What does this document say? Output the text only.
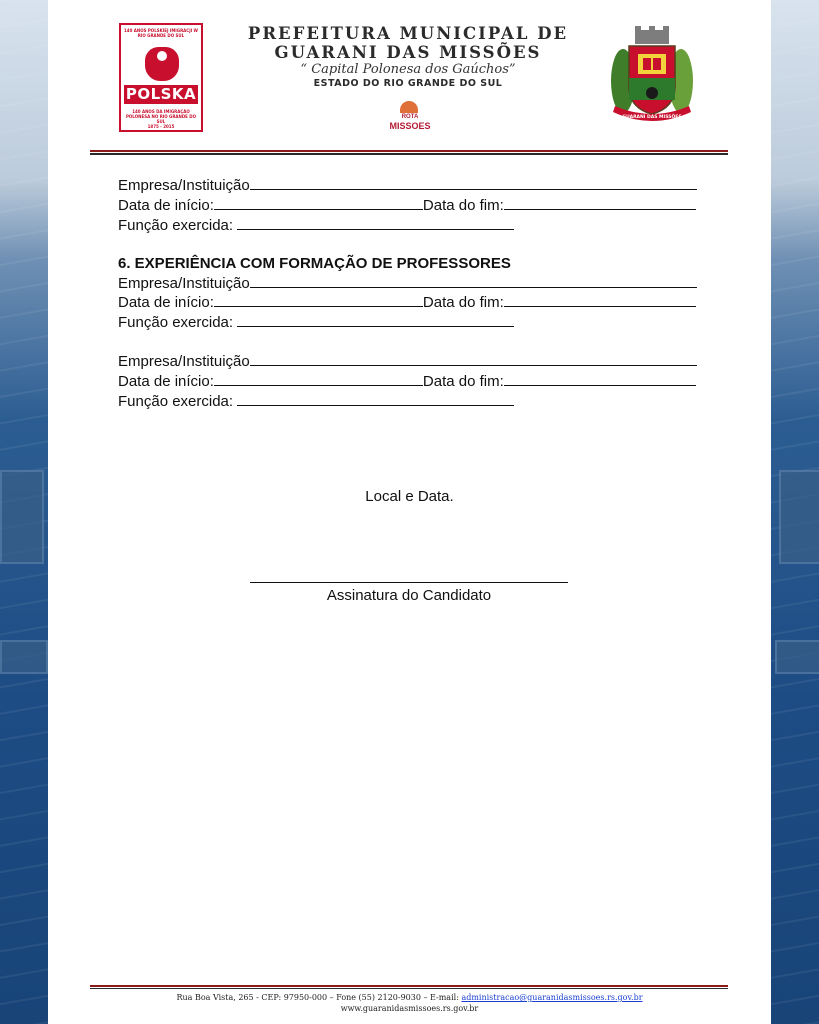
140 ANOS POLSKIEJ IMIGRACJI W RIO GRANDE DO SUL
POLSKA
140 ANOS DA IMIGRAÇÃO POLONESA NO RIO GRANDE DO SUL
1875 - 2015

PREFEITURA MUNICIPAL DE

GUARANI DAS MISSÕES

“ Capital Polonesa dos Gaúchos”

ESTADO DO RIO GRANDE DO SUL

ROTA
MISSOES
GUARANI DAS MISSÕES
Empresa/Instituição
Data de início:	Data do fim:
Função exercida:
6. EXPERIÊNCIA COM FORMAÇÃO DE PROFESSORES
Empresa/Instituição
Data de início:	Data do fim:
Função exercida:
Empresa/Instituição
Data de início:	Data do fim:
Função exercida:
Local e Data.
Assinatura do Candidato
Rua Boa Vista, 265 - CEP: 97950-000 – Fone (55) 2120-9030 – E-mail: administracao@guaranidasmissoes.rs.gov.br
www.guaranidasmissoes.rs.gov.br
